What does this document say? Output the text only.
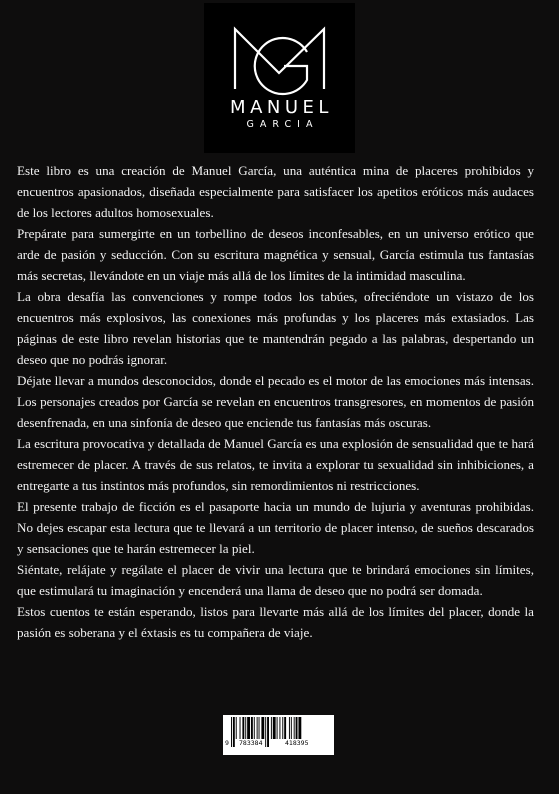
MANUEL
GARCIA

Este libro es una creación de Manuel García, una auténtica mina de placeres prohibidos y encuentros apasionados, diseñada especialmente para satisfacer los apetitos eróticos más audaces de los lectores adultos homosexuales.

Prepárate para sumergirte en un torbellino de deseos inconfesables, en un universo erótico que arde de pasión y seducción. Con su escritura magnética y sensual, García estimula tus fantasías más secretas, llevándote en un viaje más allá de los límites de la intimidad masculina.

La obra desafía las convenciones y rompe todos los tabúes, ofreciéndote un vistazo de los encuentros más explosivos, las conexiones más profundas y los placeres más extasiados. Las páginas de este libro revelan historias que te mantendrán pegado a las palabras, despertando un deseo que no podrás ignorar.

Déjate llevar a mundos desconocidos, donde el pecado es el motor de las emociones más intensas. Los personajes creados por García se revelan en encuentros transgresores, en momentos de pasión desenfrenada, en una sinfonía de deseo que enciende tus fantasías más oscuras.

La escritura provocativa y detallada de Manuel García es una explosión de sensualidad que te hará estremecer de placer. A través de sus relatos, te invita a explorar tu sexualidad sin inhibiciones, a entregarte a tus instintos más profundos, sin remordimientos ni restricciones.

El presente trabajo de ficción es el pasaporte hacia un mundo de lujuria y aventuras prohibidas. No dejes escapar esta lectura que te llevará a un territorio de placer intenso, de sueños descarados y sensaciones que te harán estremecer la piel.

Siéntate, relájate y regálate el placer de vivir una lectura que te brindará emociones sin límites, que estimulará tu imaginación y encenderá una llama de deseo que no podrá ser domada.

Estos cuentos te están esperando, listos para llevarte más allá de los límites del placer, donde la pasión es soberana y el éxtasis es tu compañera de viaje.

9 783384	418395
